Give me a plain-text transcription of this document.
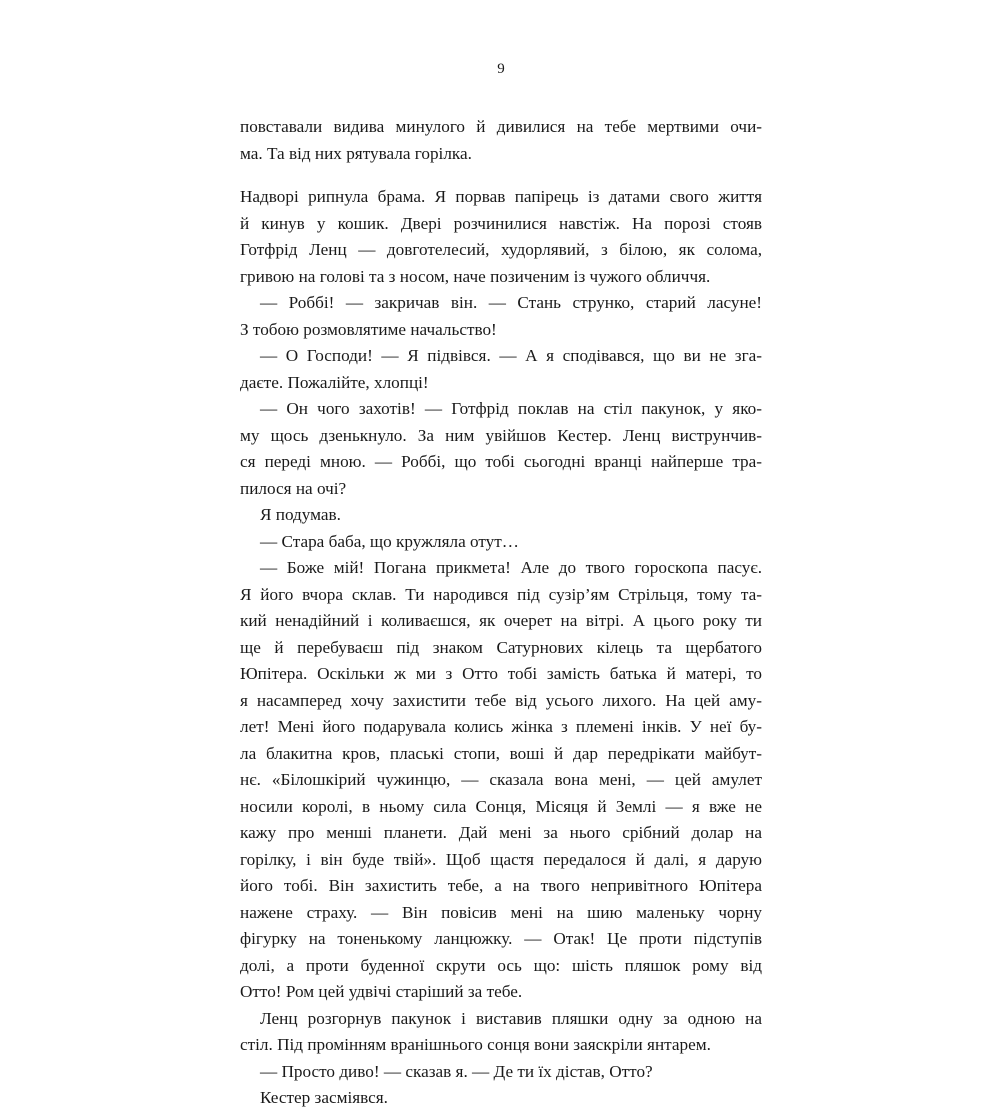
9
повставали видива минулого й дивилися на тебе мертвими очи-
ма. Та від них рятувала горілка.
Надворі рипнула брама. Я порвав папірець із датами свого життя
й кинув у кошик. Двері розчинилися навстіж. На порозі стояв
Готфрід Ленц — довготелесий, худорлявий, з білою, як солома,
гривою на голові та з носом, наче позиченим із чужого обличчя.
— Роббі! — закричав він. — Стань струнко, старий ласуне!
З тобою розмовлятиме начальство!
— О Господи! — Я підвівся. — А я сподівався, що ви не зга-
даєте. Пожалійте, хлопці!
— Он чого захотів! — Готфрід поклав на стіл пакунок, у яко-
му щось дзенькнуло. За ним увійшов Кестер. Ленц виструнчив-
ся переді мною. — Роббі, що тобі сьогодні вранці найперше тра-
пилося на очі?
Я подумав.
— Стара баба, що кружляла отут…
— Боже мій! Погана прикмета! Але до твого гороскопа пасує.
Я його вчора склав. Ти народився під сузір’ям Стрільця, тому та-
кий ненадійний і коливаєшся, як очерет на вітрі. А цього року ти
ще й перебуваєш під знаком Сатурнових кілець та щербатого
Юпітера. Оскільки ж ми з Отто тобі замість батька й матері, то
я насамперед хочу захистити тебе від усього лихого. На цей аму-
лет! Мені його подарувала колись жінка з племені інків. У неї бу-
ла блакитна кров, плаські стопи, воші й дар передрікати майбут-
нє. «Білошкірий чужинцю, — сказала вона мені, — цей амулет
носили королі, в ньому сила Сонця, Місяця й Землі — я вже не
кажу про менші планети. Дай мені за нього срібний долар на
горілку, і він буде твій». Щоб щастя передалося й далі, я дарую
його тобі. Він захистить тебе, а на твого непривітного Юпітера
нажене страху. — Він повісив мені на шию маленьку чорну
фігурку на тоненькому ланцюжку. — Отак! Це проти підступів
долі, а проти буденної скрути ось що: шість пляшок рому від
Отто! Ром цей удвічі старіший за тебе.
Ленц розгорнув пакунок і виставив пляшки одну за одною на
стіл. Під промінням вранішнього сонця вони заяскріли янтарем.
— Просто диво! — сказав я. — Де ти їх дістав, Отто?
Кестер засміявся.
